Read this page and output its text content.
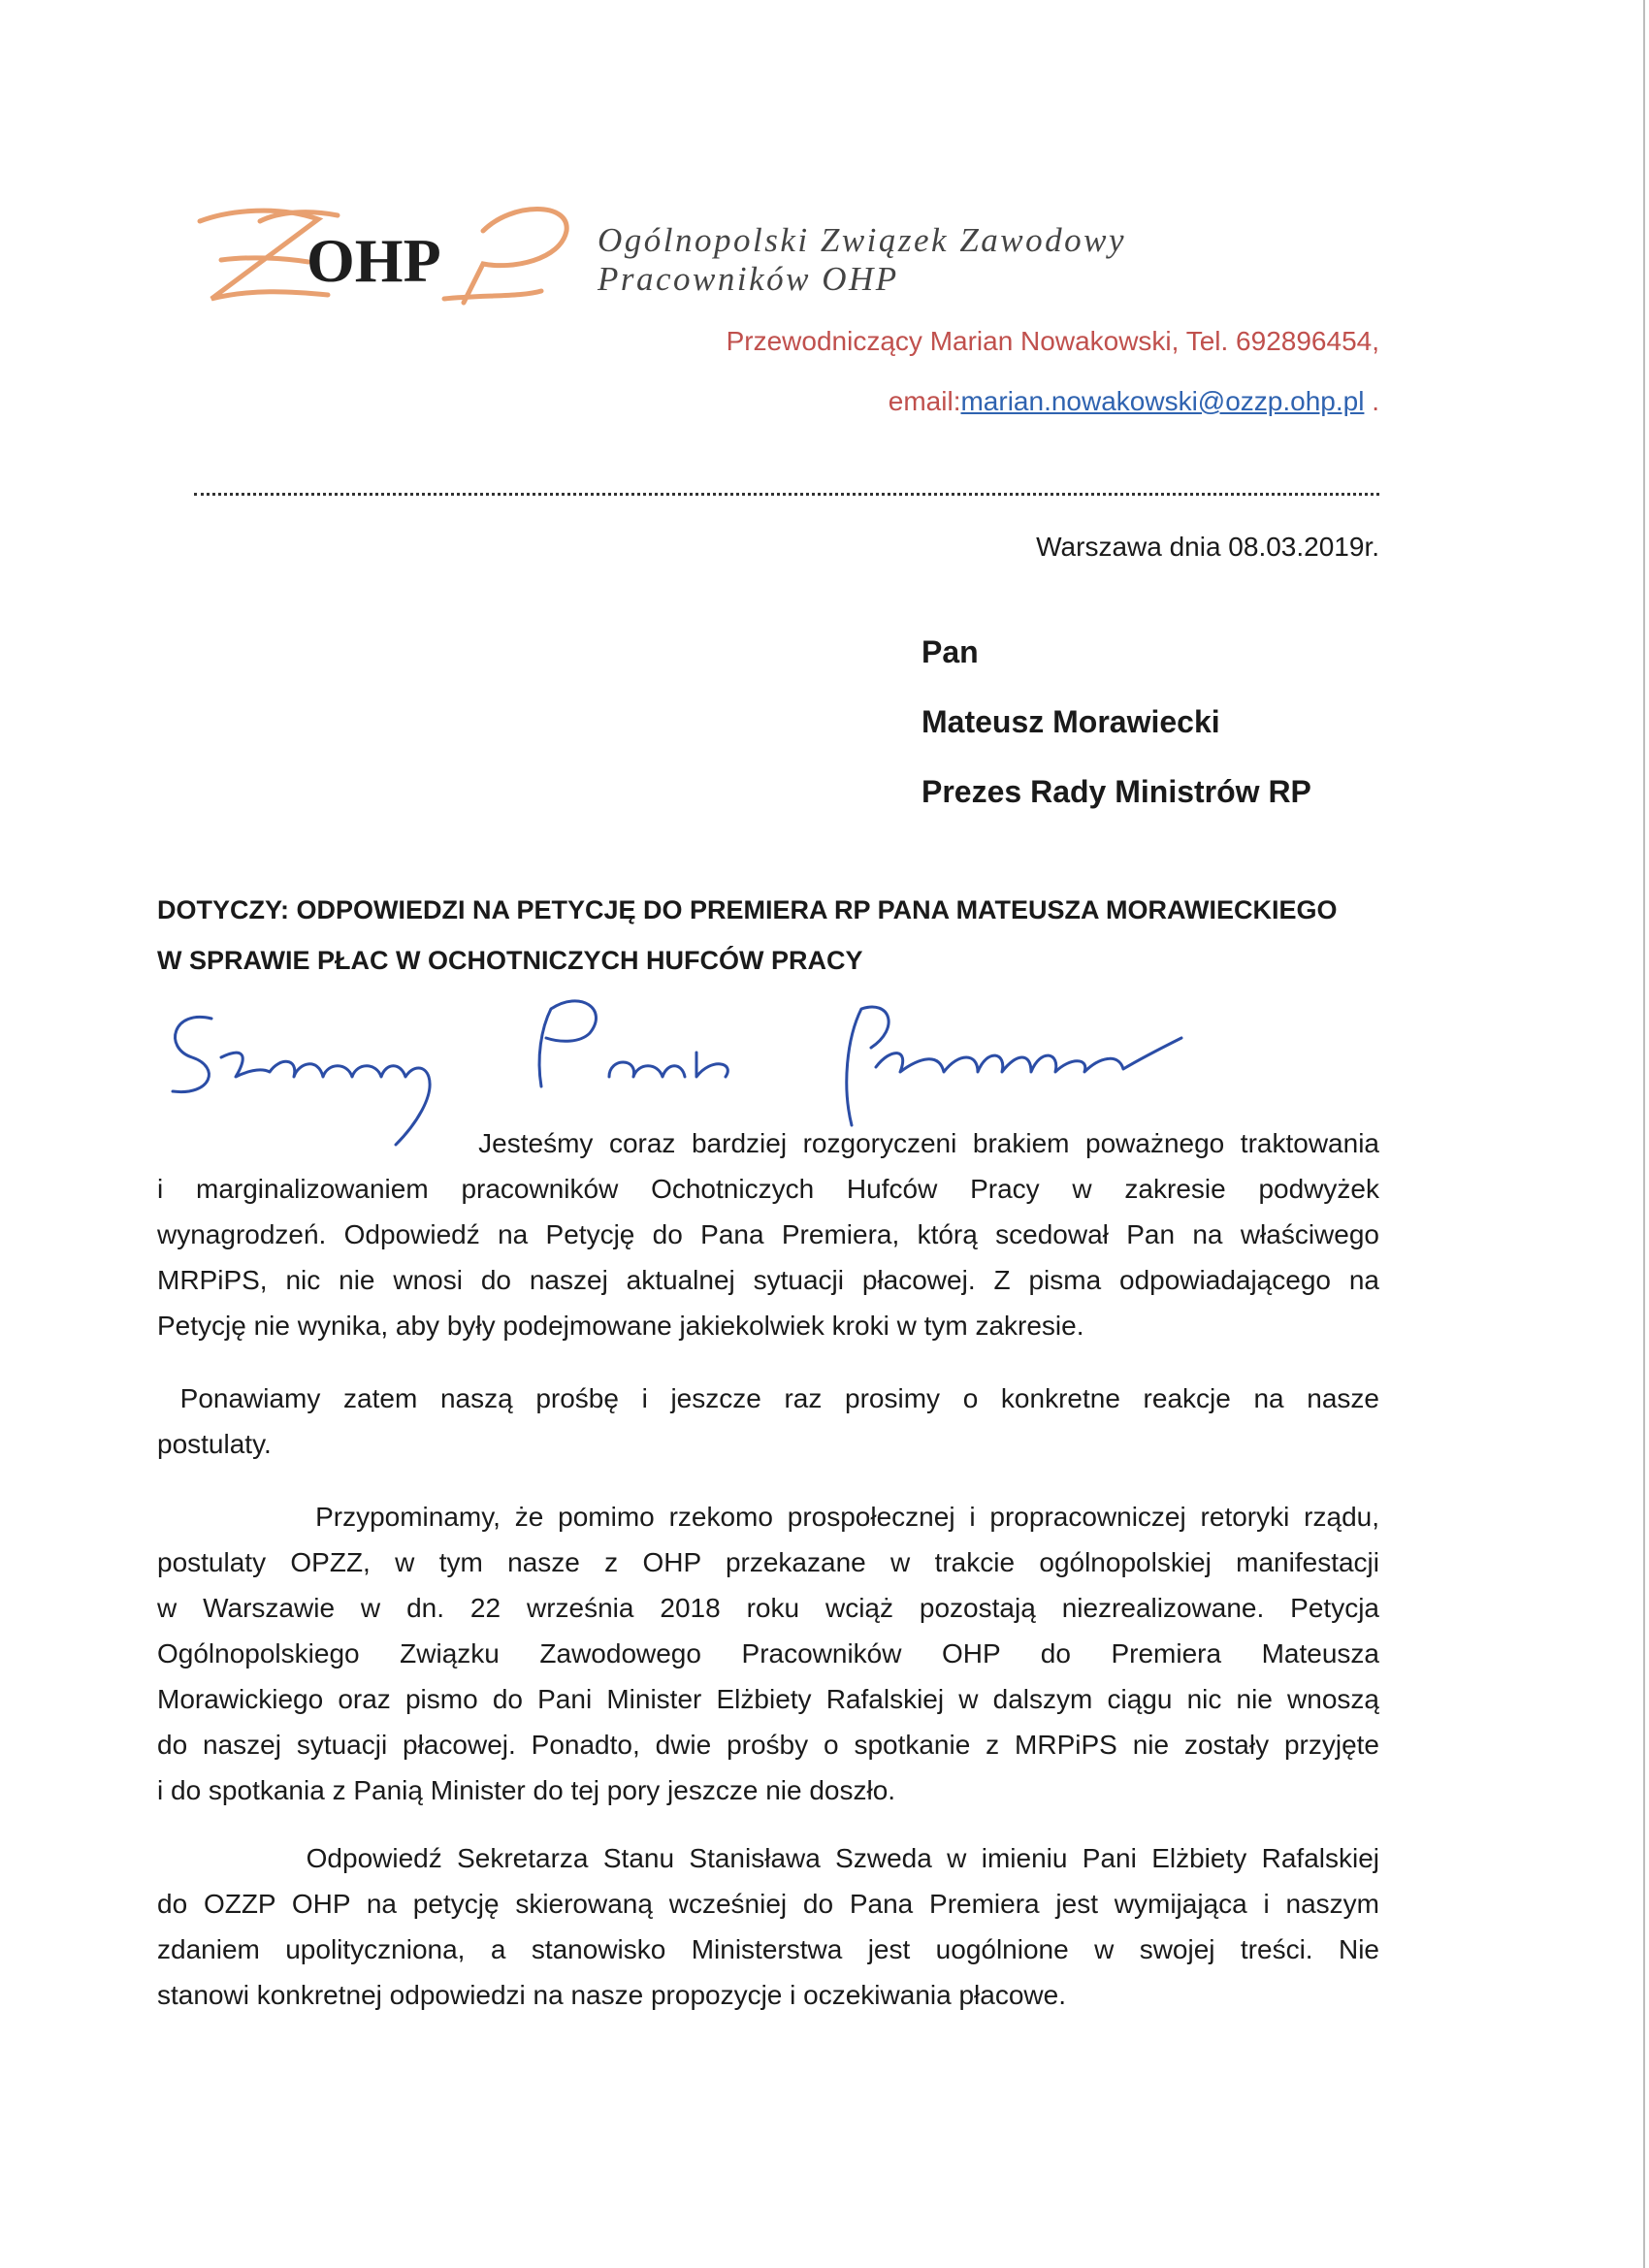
OHP	Ogólnopolski Związek Zawodowy
Pracowników OHP
Przewodniczący Marian Nowakowski, Tel. 692896454,
email:marian.nowakowski@ozzp.ohp.pl .
Warszawa dnia 08.03.2019r.
Pan
Mateusz Morawiecki
Prezes Rady Ministrów RP
DOTYCZY: ODPOWIEDZI NA PETYCJĘ DO PREMIERA RP PANA MATEUSZA MORAWIECKIEGO
W SPRAWIE PŁAC W OCHOTNICZYCH HUFCÓW PRACY
Jesteśmy coraz bardziej rozgoryczeni brakiem poważnego traktowania
i marginalizowaniem pracowników Ochotniczych Hufców Pracy w zakresie podwyżek
wynagrodzeń. Odpowiedź na Petycję do Pana Premiera, którą scedował Pan na właściwego
MRPiPS, nic nie wnosi do naszej aktualnej sytuacji płacowej. Z pisma odpowiadającego na
Petycję nie wynika, aby były podejmowane jakiekolwiek kroki w tym zakresie.
Ponawiamy zatem naszą prośbę i jeszcze raz prosimy o konkretne reakcje na nasze
postulaty.
Przypominamy, że pomimo rzekomo prospołecznej i propracowniczej retoryki rządu,
postulaty OPZZ, w tym nasze z OHP przekazane w trakcie ogólnopolskiej manifestacji
w Warszawie w dn. 22 września 2018 roku wciąż pozostają niezrealizowane. Petycja
Ogólnopolskiego Związku Zawodowego Pracowników OHP do Premiera Mateusza
Morawickiego oraz pismo do Pani Minister Elżbiety Rafalskiej w dalszym ciągu nic nie wnoszą
do naszej sytuacji płacowej. Ponadto, dwie prośby o spotkanie z MRPiPS nie zostały przyjęte
i do spotkania z Panią Minister do tej pory jeszcze nie doszło.
Odpowiedź Sekretarza Stanu Stanisława Szweda w imieniu Pani Elżbiety Rafalskiej
do OZZP OHP na petycję skierowaną wcześniej do Pana Premiera jest wymijająca i naszym
zdaniem upolityczniona, a stanowisko Ministerstwa jest uogólnione w swojej treści. Nie
stanowi konkretnej odpowiedzi na nasze propozycje i oczekiwania płacowe.
